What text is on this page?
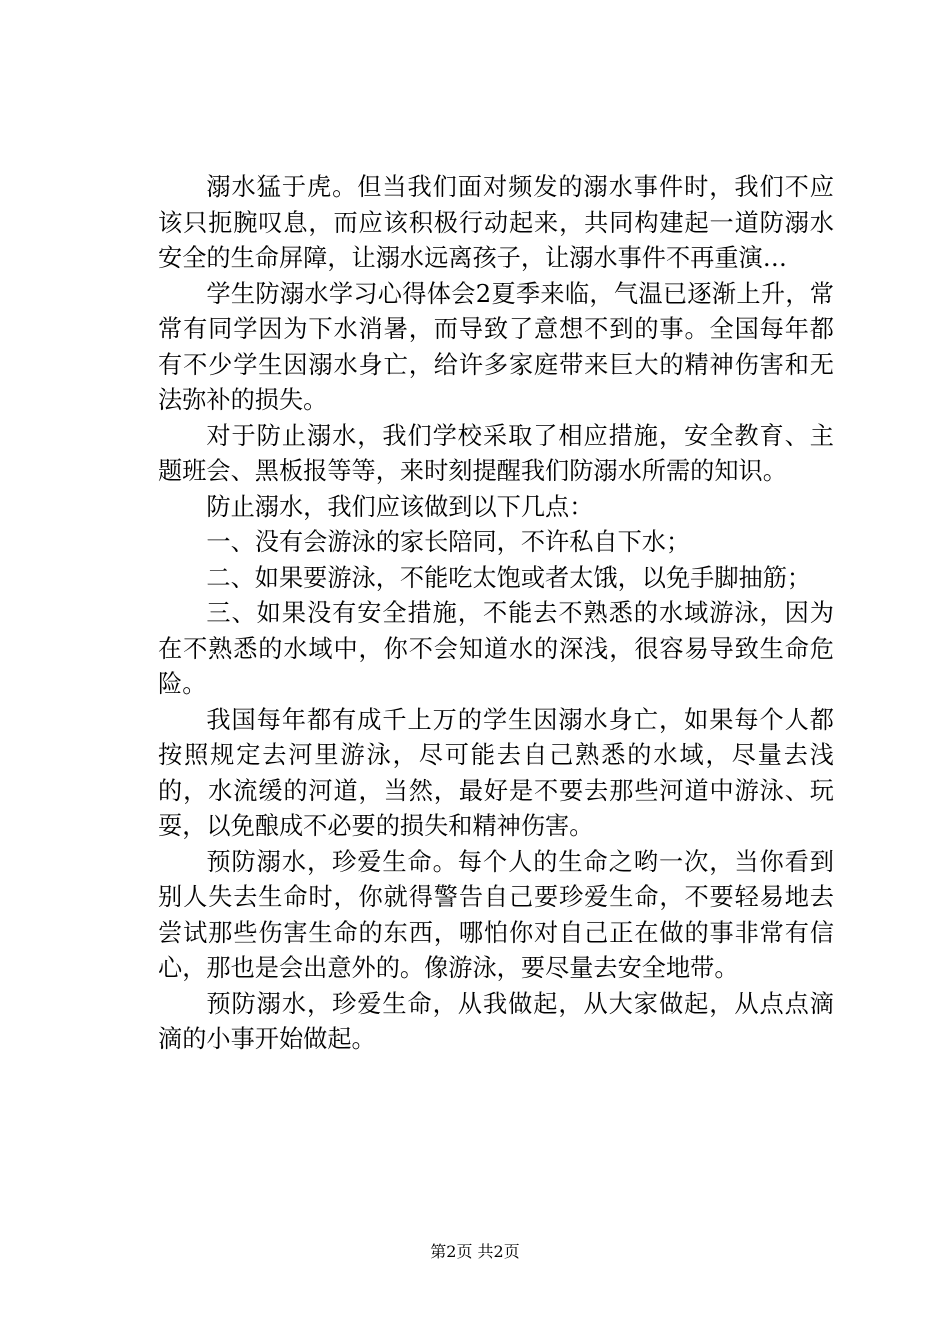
溺水猛于虎。但当我们面对频发的溺水事件时，我们不应该只扼腕叹息，而应该积极行动起来，共同构建起一道防溺水安全的生命屏障，让溺水远离孩子，让溺水事件不再重演…

学生防溺水学习心得体会2夏季来临，气温已逐渐上升，常常有同学因为下水消暑，而导致了意想不到的事。全国每年都有不少学生因溺水身亡，给许多家庭带来巨大的精神伤害和无法弥补的损失。

对于防止溺水，我们学校采取了相应措施，安全教育、主题班会、黑板报等等，来时刻提醒我们防溺水所需的知识。

防止溺水，我们应该做到以下几点：

一、没有会游泳的家长陪同，不许私自下水；

二、如果要游泳，不能吃太饱或者太饿，以免手脚抽筋；

三、如果没有安全措施，不能去不熟悉的水域游泳，因为在不熟悉的水域中，你不会知道水的深浅，很容易导致生命危险。

我国每年都有成千上万的学生因溺水身亡，如果每个人都按照规定去河里游泳，尽可能去自己熟悉的水域，尽量去浅的，水流缓的河道，当然，最好是不要去那些河道中游泳、玩耍，以免酿成不必要的损失和精神伤害。

预防溺水，珍爱生命。每个人的生命之哟一次，当你看到别人失去生命时，你就得警告自己要珍爱生命，不要轻易地去尝试那些伤害生命的东西，哪怕你对自己正在做的事非常有信心，那也是会出意外的。像游泳，要尽量去安全地带。

预防溺水，珍爱生命，从我做起，从大家做起，从点点滴滴的小事开始做起。

第2页 共2页
